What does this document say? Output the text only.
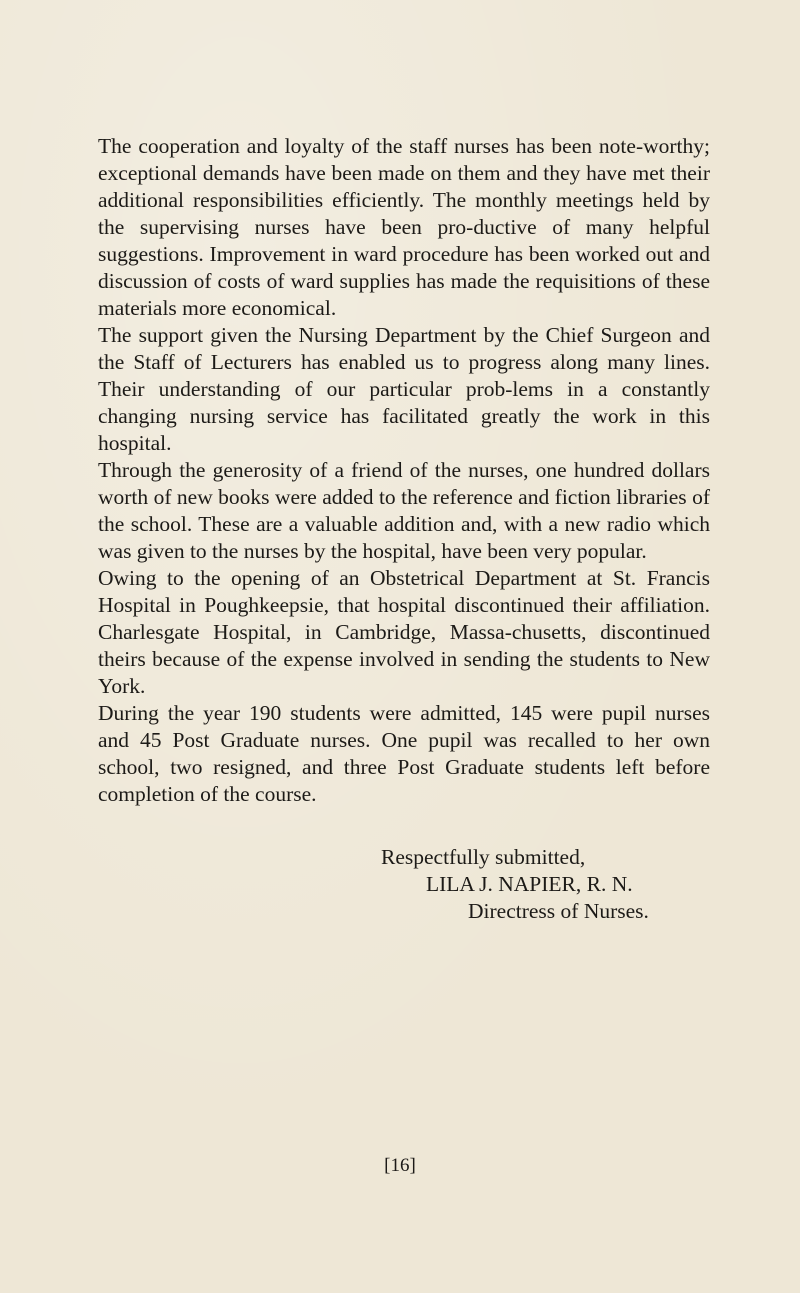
The cooperation and loyalty of the staff nurses has been note-worthy; exceptional demands have been made on them and they have met their additional responsibilities efficiently. The monthly meetings held by the supervising nurses have been pro-ductive of many helpful suggestions. Improvement in ward procedure has been worked out and discussion of costs of ward supplies has made the requisitions of these materials more economical.

The support given the Nursing Department by the Chief Surgeon and the Staff of Lecturers has enabled us to progress along many lines. Their understanding of our particular prob-lems in a constantly changing nursing service has facilitated greatly the work in this hospital.

Through the generosity of a friend of the nurses, one hundred dollars worth of new books were added to the reference and fiction libraries of the school. These are a valuable addition and, with a new radio which was given to the nurses by the hospital, have been very popular.

Owing to the opening of an Obstetrical Department at St. Francis Hospital in Poughkeepsie, that hospital discontinued their affiliation. Charlesgate Hospital, in Cambridge, Massa-chusetts, discontinued theirs because of the expense involved in sending the students to New York.

During the year 190 students were admitted, 145 were pupil nurses and 45 Post Graduate nurses. One pupil was recalled to her own school, two resigned, and three Post Graduate students left before completion of the course.

Respectfully submitted,
LILA J. NAPIER, R. N.
Directress of Nurses.
[16]
